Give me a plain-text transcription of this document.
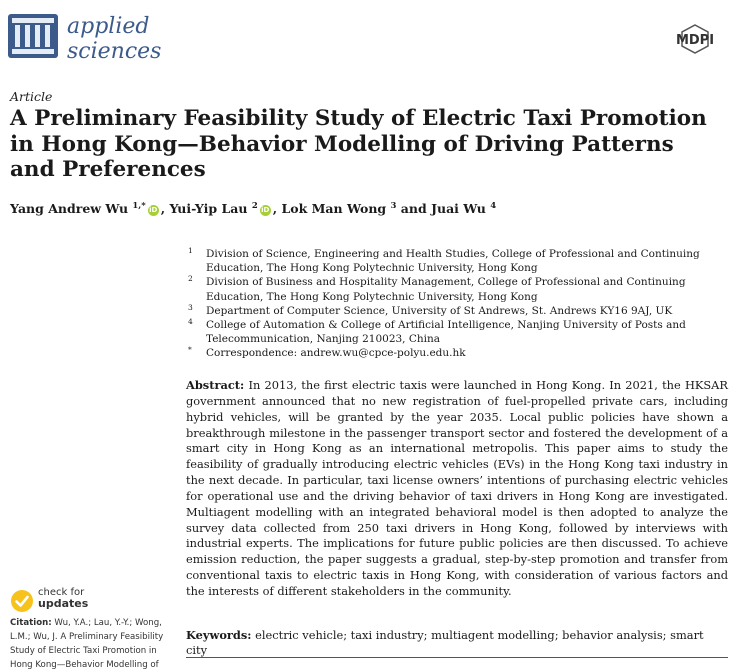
applied
sciences	MDPI
Article
A Preliminary Feasibility Study of Electric Taxi Promotion in Hong Kong—Behavior Modelling of Driving Patterns and Preferences
Yang Andrew Wu $^{1,*}$ iD , Yui-Yip Lau $^2$ iD , Lok Man Wong $^3$ and Juai Wu $^4$
1 Division of Science, Engineering and Health Studies, College of Professional and Continuing Education, The Hong Kong Polytechnic University, Hong Kong
2 Division of Business and Hospitality Management, College of Professional and Continuing Education, The Hong Kong Polytechnic University, Hong Kong
3 Department of Computer Science, University of St Andrews, St. Andrews KY16 9AJ, UK
4 College of Automation & College of Artificial Intelligence, Nanjing University of Posts and Telecommunication, Nanjing 210023, China
* Correspondence: andrew.wu@cpce-polyu.edu.hk

Abstract: In 2013, the first electric taxis were launched in Hong Kong. In 2021, the HKSAR government announced that no new registration of fuel-propelled private cars, including hybrid vehicles, will be granted by the year 2035. Local public policies have shown a breakthrough milestone in the passenger transport sector and fostered the development of a smart city in Hong Kong as an international metropolis. This paper aims to study the feasibility of gradually introducing electric vehicles (EVs) in the Hong Kong taxi industry in the next decade. In particular, taxi license owners’ intentions of purchasing electric vehicles for operational use and the driving behavior of taxi drivers in Hong Kong are investigated. Multiagent modelling with an integrated behavioral model is then adopted to analyze the survey data collected from 250 taxi drivers in Hong Kong, followed by interviews with industrial experts. The implications for future public policies are then discussed. To achieve emission reduction, the paper suggests a gradual, step-by-step promotion and transfer from conventional taxis to electric taxis in Hong Kong, with consideration of various factors and the interests of different stakeholders in the community.

Keywords: electric vehicle; taxi industry; multiagent modelling; behavior analysis; smart city
check for
updates
Citation: Wu, Y.A.; Lau, Y.-Y.; Wong, L.M.; Wu, J. A Preliminary Feasibility Study of Electric Taxi Promotion in Hong Kong—Behavior Modelling of
